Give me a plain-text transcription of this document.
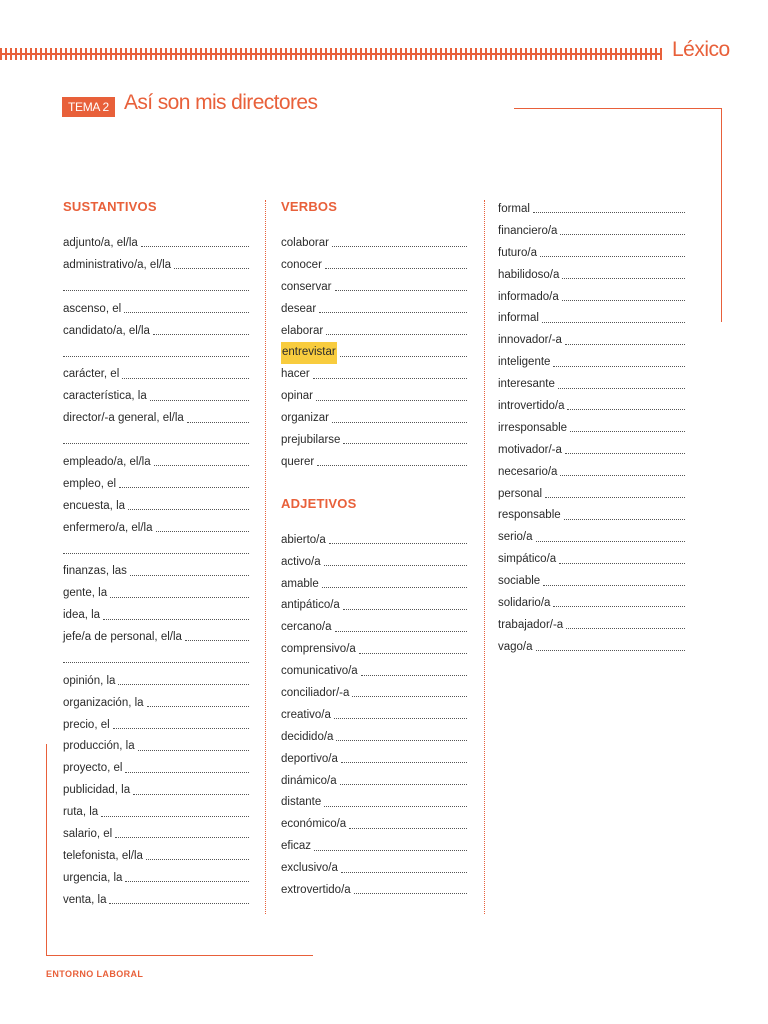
Léxico
TEMA 2 Así son mis directores
SUSTANTIVOS
adjunto/a, el/la
administrativo/a, el/la
ascenso, el
candidato/a, el/la
carácter, el
característica, la
director/-a general, el/la
empleado/a, el/la
empleo, el
encuesta, la
enfermero/a, el/la
finanzas, las
gente, la
idea, la
jefe/a de personal, el/la
opinión, la
organización, la
precio, el
producción, la
proyecto, el
publicidad, la
ruta, la
salario, el
telefonista, el/la
urgencia, la
venta, la
VERBOS
colaborar
conocer
conservar
desear
elaborar
entrevistar
hacer
opinar
organizar
prejubilarse
querer
ADJETIVOS
abierto/a
activo/a
amable
antipático/a
cercano/a
comprensivo/a
comunicativo/a
conciliador/-a
creativo/a
decidido/a
deportivo/a
dinámico/a
distante
económico/a
eficaz
exclusivo/a
extrovertido/a
formal
financiero/a
futuro/a
habilidoso/a
informado/a
informal
innovador/-a
inteligente
interesante
introvertido/a
irresponsable
motivador/-a
necesario/a
personal
responsable
serio/a
simpático/a
sociable
solidario/a
trabajador/-a
vago/a
ENTORNO LABORAL
